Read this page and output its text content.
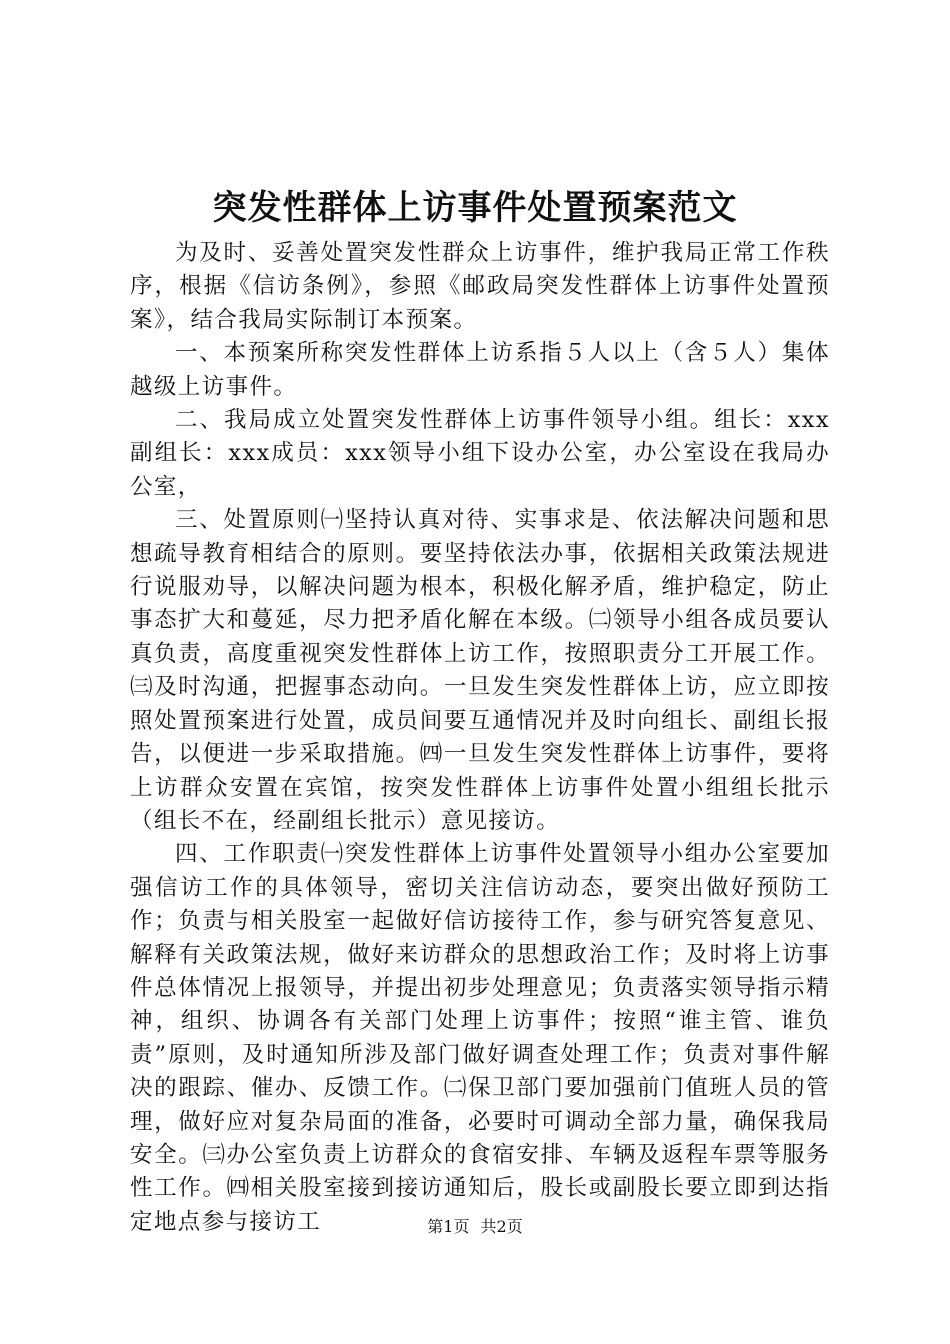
突发性群体上访事件处置预案范文

为及时、妥善处置突发性群众上访事件，维护我局正常工作秩序，根据《信访条例》，参照《邮政局突发性群体上访事件处置预案》，结合我局实际制订本预案。

一、本预案所称突发性群体上访系指５人以上（含５人）集体越级上访事件。

二、我局成立处置突发性群体上访事件领导小组。组长：xxx副组长：xxx成员：xxx领导小组下设办公室，办公室设在我局办公室，

三、处置原则㈠坚持认真对待、实事求是、依法解决问题和思想疏导教育相结合的原则。要坚持依法办事，依据相关政策法规进行说服劝导，以解决问题为根本，积极化解矛盾，维护稳定，防止事态扩大和蔓延，尽力把矛盾化解在本级。㈡领导小组各成员要认真负责，高度重视突发性群体上访工作，按照职责分工开展工作。㈢及时沟通，把握事态动向。一旦发生突发性群体上访，应立即按照处置预案进行处置，成员间要互通情况并及时向组长、副组长报告，以便进一步采取措施。㈣一旦发生突发性群体上访事件，要将上访群众安置在宾馆，按突发性群体上访事件处置小组组长批示（组长不在，经副组长批示）意见接访。

四、工作职责㈠突发性群体上访事件处置领导小组办公室要加强信访工作的具体领导，密切关注信访动态，要突出做好预防工作；负责与相关股室一起做好信访接待工作，参与研究答复意见、解释有关政策法规，做好来访群众的思想政治工作；及时将上访事件总体情况上报领导，并提出初步处理意见；负责落实领导指示精神，组织、协调各有关部门处理上访事件；按照“谁主管、谁负责”原则，及时通知所涉及部门做好调查处理工作；负责对事件解决的跟踪、催办、反馈工作。㈡保卫部门要加强前门值班人员的管理，做好应对复杂局面的准备，必要时可调动全部力量，确保我局安全。㈢办公室负责上访群众的食宿安排、车辆及返程车票等服务性工作。㈣相关股室接到接访通知后，股长或副股长要立即到达指定地点参与接访工	第1页 共2页
